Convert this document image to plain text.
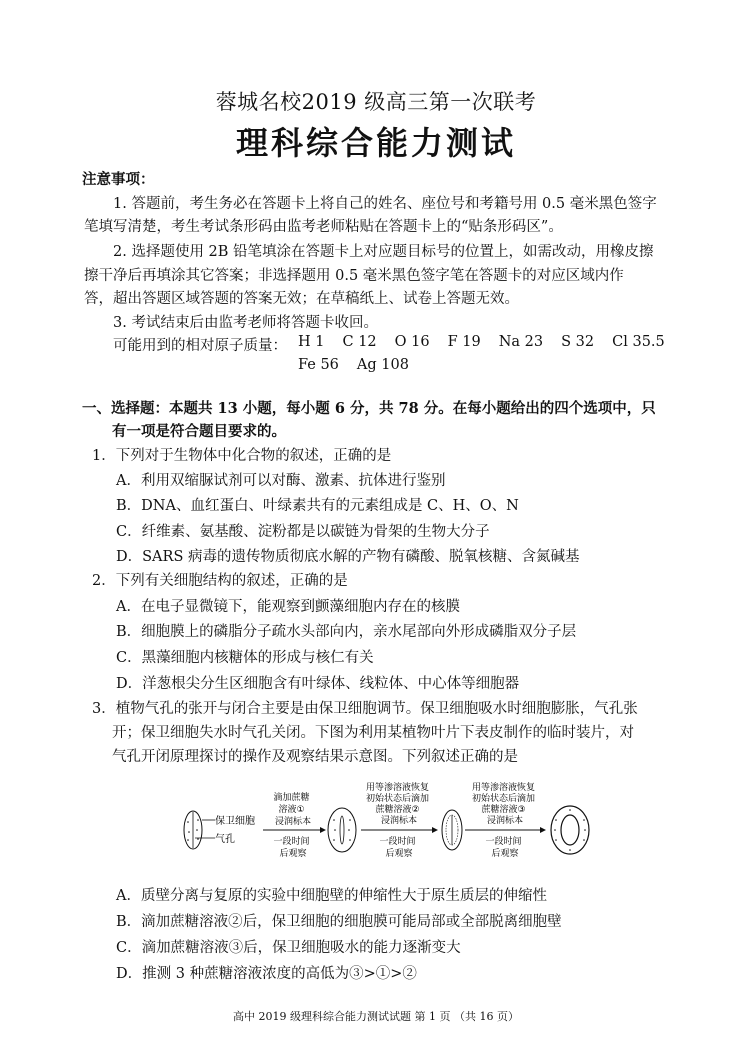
蓉城名校2019 级高三第一次联考
理科综合能力测试
注意事项：
1. 答题前，考生务必在答题卡上将自己的姓名、座位号和考籍号用 0.5 毫米黑色签字
笔填写清楚，考生考试条形码由监考老师粘贴在答题卡上的“贴条形码区”。
2. 选择题使用 2B 铅笔填涂在答题卡上对应题目标号的位置上，如需改动，用橡皮擦
擦干净后再填涂其它答案；非选择题用 0.5 毫米黑色签字笔在答题卡的对应区域内作
答，超出答题区域答题的答案无效；在草稿纸上、试卷上答题无效。
3. 考试结束后由监考老师将答题卡收回。
可能用到的相对原子质量： H 1 C 12 O 16 F 19 Na 23 S 32 Cl 35.5
Fe 56 Ag 108
一、选择题：本题共 13 小题，每小题 6 分，共 78 分。在每小题给出的四个选项中，只
有一项是符合题目要求的。
1．下列对于生物体中化合物的叙述，正确的是
A．利用双缩脲试剂可以对酶、激素、抗体进行鉴别
B．DNA、血红蛋白、叶绿素共有的元素组成是 C、H、O、N
C．纤维素、氨基酸、淀粉都是以碳链为骨架的生物大分子
D．SARS 病毒的遗传物质彻底水解的产物有磷酸、脱氧核糖、含氮碱基
2．下列有关细胞结构的叙述，正确的是
A．在电子显微镜下，能观察到颤藻细胞内存在的核膜
B．细胞膜上的磷脂分子疏水头部向内，亲水尾部向外形成磷脂双分子层
C．黑藻细胞内核糖体的形成与核仁有关
D．洋葱根尖分生区细胞含有叶绿体、线粒体、中心体等细胞器
3．植物气孔的张开与闭合主要是由保卫细胞调节。保卫细胞吸水时细胞膨胀，气孔张
开；保卫细胞失水时气孔关闭。下图为利用某植物叶片下表皮制作的临时装片，对
气孔开闭原理探讨的操作及观察结果示意图。下列叙述正确的是
保卫细胞
气孔
滴加蔗糖 溶液① 浸润标本
一段时间 后观察
用等渗溶液恢复 初始状态后滴加 蔗糖溶液② 浸润标本
一段时间 后观察
用等渗溶液恢复 初始状态后滴加 蔗糖溶液③ 浸润标本
一段时间 后观察
A．质壁分离与复原的实验中细胞壁的伸缩性大于原生质层的伸缩性
B．滴加蔗糖溶液②后，保卫细胞的细胞膜可能局部或全部脱离细胞壁
C．滴加蔗糖溶液③后，保卫细胞吸水的能力逐渐变大
D．推测 3 种蔗糖溶液浓度的高低为③>①>②
高中 2019 级理科综合能力测试试题 第 1 页 （共 16 页）
